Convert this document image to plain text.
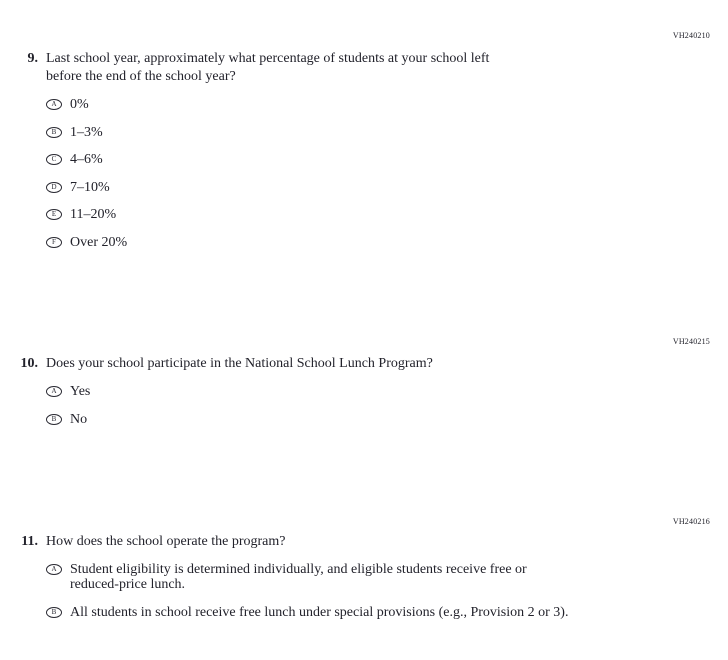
VH240210
VH240215
VH240216
9. Last school year, approximately what percentage of students at your school left
before the end of the school year?
A 0%
B 1–3%
C 4–6%
D 7–10%
E 11–20%
F	Over 20%
10. Does your school participate in the National School Lunch Program?
A Yes
B No
11. How does the school operate the program?
A Student eligibility is determined individually, and eligible students receive free or
reduced-price lunch.
B All students in school receive free lunch under special provisions (e.g., Provision 2 or 3).
